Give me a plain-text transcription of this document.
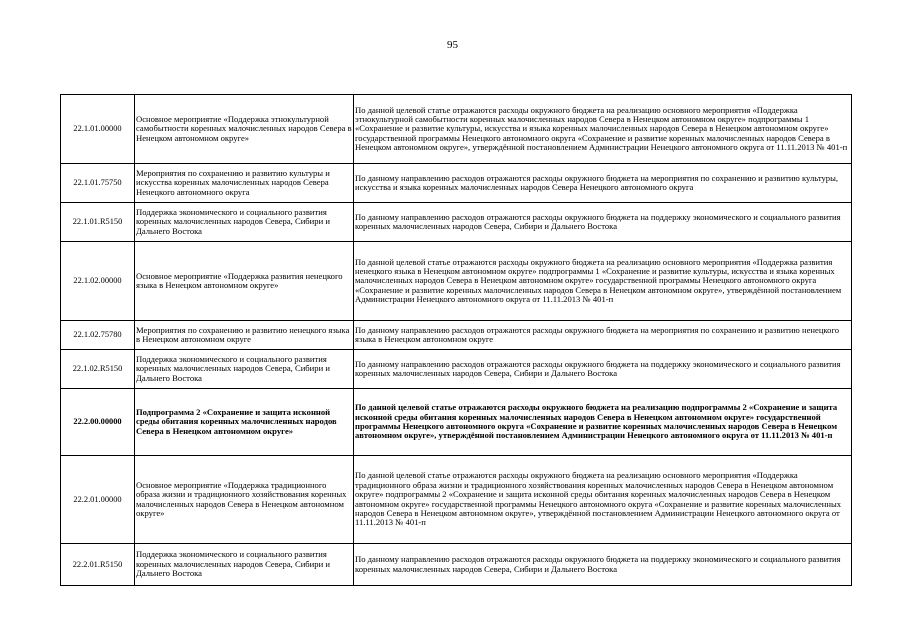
95
22.1.01.00000	Основное мероприятие «Поддержка этнокультурной самобытности коренных малочисленных народов Севера в Ненецком автономном округе»	По данной целевой статье отражаются расходы окружного бюджета на реализацию основного мероприятия «Поддержка этнокультурной самобытности коренных малочисленных народов Севера в Ненецком автономном округе» подпрограммы 1 «Сохранение и развитие культуры, искусства и языка коренных малочисленных народов Севера в Ненецком автономном округе» государственной программы Ненецкого автономного округа «Сохранение и развитие коренных малочисленных народов Севера в Ненецком автономном округе», утверждённой постановлением Администрации Ненецкого автономного округа от 11.11.2013 № 401-п
22.1.01.75750	Мероприятия по сохранению и развитию культуры и искусства коренных малочисленных народов Севера Ненецкого автономного округа	По данному направлению расходов отражаются расходы окружного бюджета на мероприятия по сохранению и развитию культуры, искусства и языка коренных малочисленных народов Севера Ненецкого автономного округа
22.1.01.R5150	Поддержка экономического и социального развития коренных малочисленных народов Севера, Сибири и Дальнего Востока	По данному направлению расходов отражаются расходы окружного бюджета на поддержку экономического и социального развития коренных малочисленных народов Севера, Сибири и Дальнего Востока
22.1.02.00000	Основное мероприятие «Поддержка развития ненецкого языка в Ненецком автономном округе»	По данной целевой статье отражаются расходы окружного бюджета на реализацию основного мероприятия «Поддержка развития ненецкого языка в Ненецком автономном округе» подпрограммы 1 «Сохранение и развитие культуры, искусства и языка коренных малочисленных народов Севера в Ненецком автономном округе» государственной программы Ненецкого автономного округа «Сохранение и развитие коренных малочисленных народов Севера в Ненецком автономном округе», утверждённой постановлением Администрации Ненецкого автономного округа от 11.11.2013 № 401-п
22.1.02.75780	Мероприятия по сохранению и развитию ненецкого языка в Ненецком автономном округе	По данному направлению расходов отражаются расходы окружного бюджета на мероприятия по сохранению и развитию ненецкого языка в Ненецком автономном округе
22.1.02.R5150	Поддержка экономического и социального развития коренных малочисленных народов Севера, Сибири и Дальнего Востока	По данному направлению расходов отражаются расходы окружного бюджета на поддержку экономического и социального развития коренных малочисленных народов Севера, Сибири и Дальнего Востока
22.2.00.00000	Подпрограмма 2 «Сохранение и защита исконной среды обитания коренных малочисленных народов Севера в Ненецком автономном округе»	По данной целевой статье отражаются расходы окружного бюджета на реализацию подпрограммы 2 «Сохранение и защита исконной среды обитания коренных малочисленных народов Севера в Ненецком автономном округе» государственной программы Ненецкого автономного округа «Сохранение и развитие коренных малочисленных народов Севера в Ненецком автономном округе», утверждённой постановлением Администрации Ненецкого автономного округа от 11.11.2013 № 401-п
22.2.01.00000	Основное мероприятие «Поддержка традиционного образа жизни и традиционного хозяйствования коренных малочисленных народов Севера в Ненецком автономном округе»	По данной целевой статье отражаются расходы окружного бюджета на реализацию основного мероприятия «Поддержка традиционного образа жизни и традиционного хозяйствования коренных малочисленных народов Севера в Ненецком автономном округе» подпрограммы 2 «Сохранение и защита исконной среды обитания коренных малочисленных народов Севера в Ненецком автономном округе» государственной программы Ненецкого автономного округа «Сохранение и развитие коренных малочисленных народов Севера в Ненецком автономном округе», утверждённой постановлением Администрации Ненецкого автономного округа от 11.11.2013 № 401-п
22.2.01.R5150	Поддержка экономического и социального развития коренных малочисленных народов Севера, Сибири и Дальнего Востока	По данному направлению расходов отражаются расходы окружного бюджета на поддержку экономического и социального развития коренных малочисленных народов Севера, Сибири и Дальнего Востока
